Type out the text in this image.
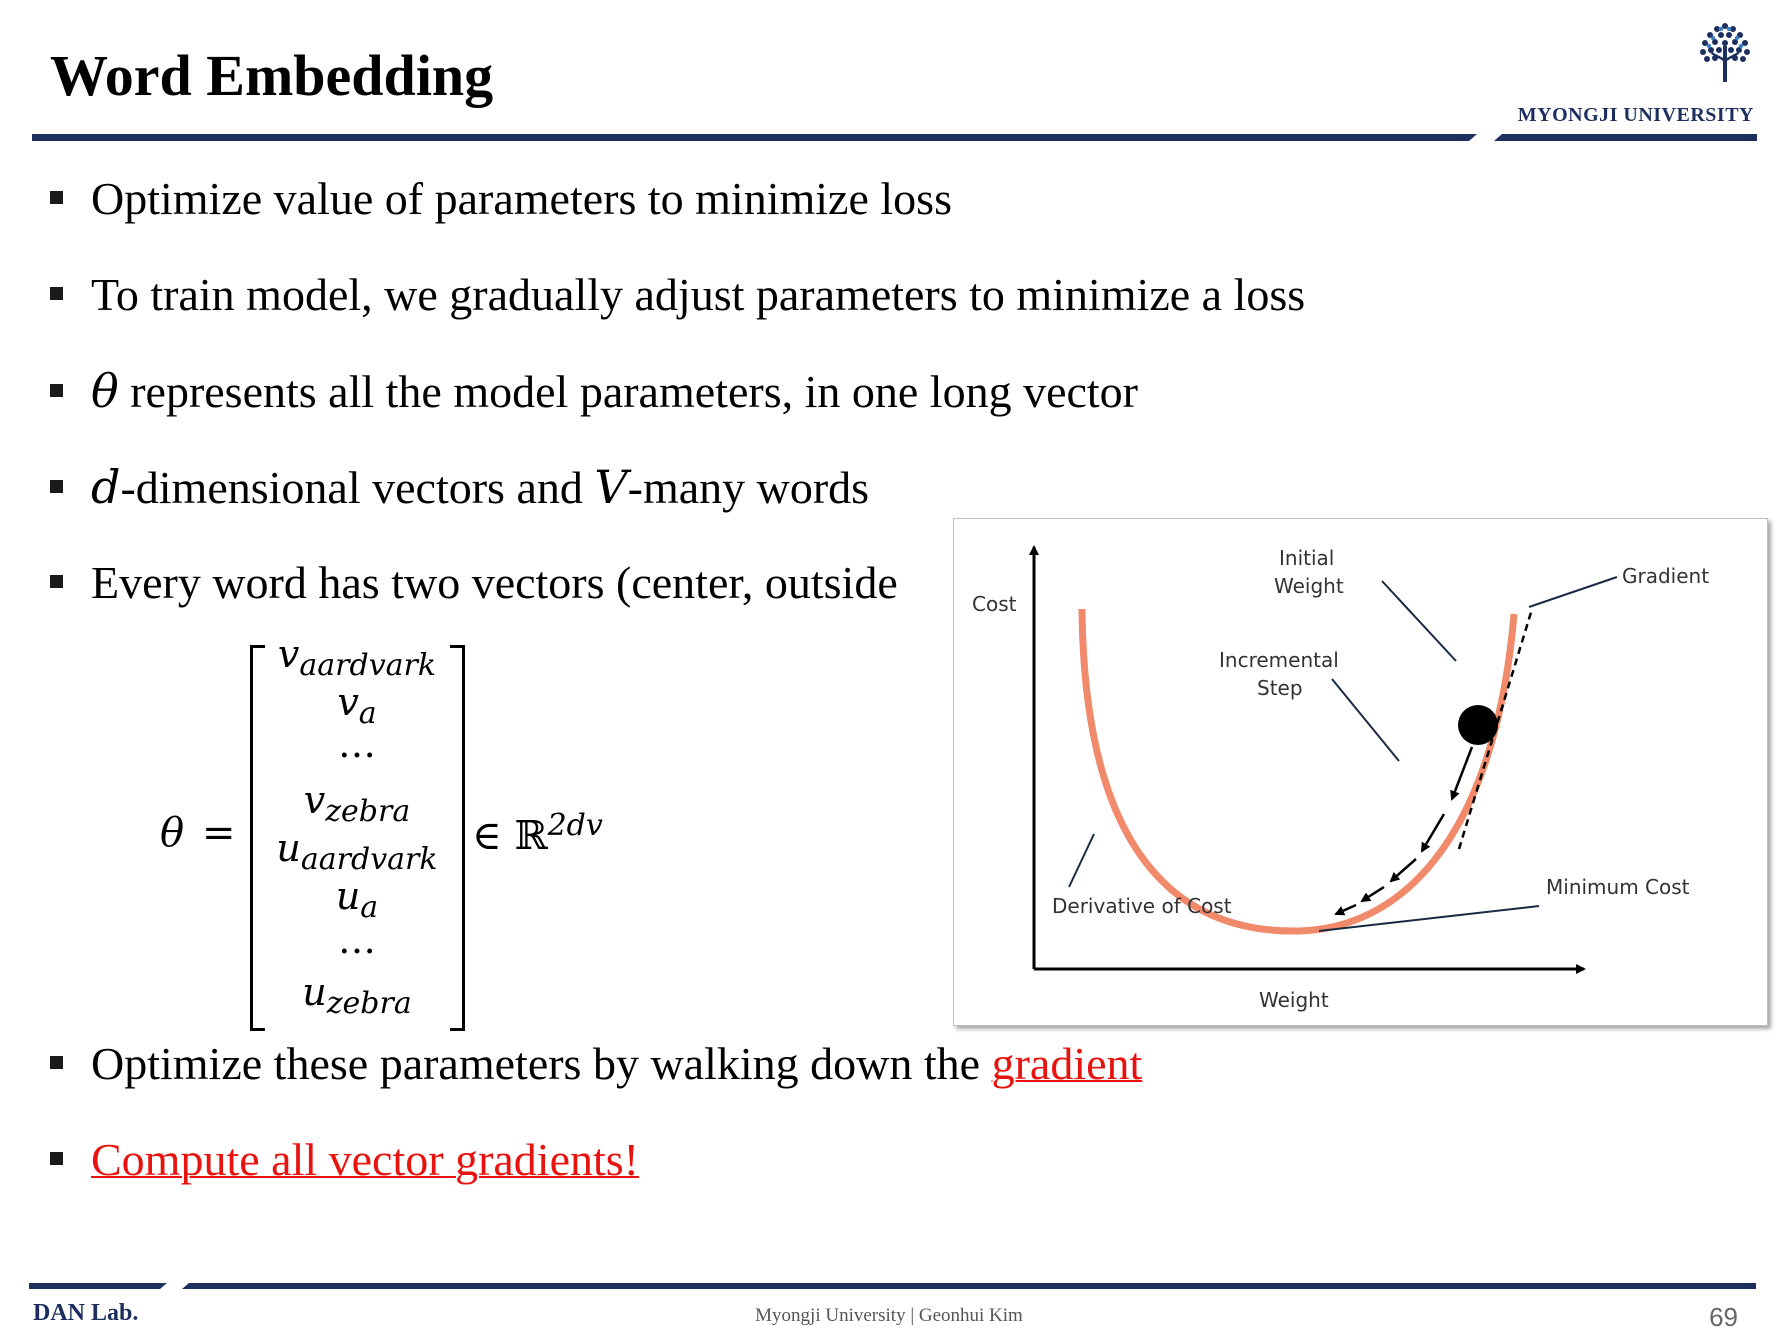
Word Embedding
MYONGJI UNIVERSITY
Optimize value of parameters to minimize loss
To train model, we gradually adjust parameters to minimize a loss
θ represents all the model parameters, in one long vector
d-dimensional vectors and V-many words
Every word has two vectors (center, outside
Optimize these parameters by walking down the gradient
Compute all vector gradients!
θ =
$v_{aardvark}$
$v_a$
…
$v_{zebra}$
$u_{aardvark}$
$u_a$
…
$u_{zebra}$
∈ ℝ$^{2dv}$
Cost
Weight
Initial
Weight	Gradient
Incremental
Step
Derivative of Cost
Minimum Cost
DAN Lab.	Myongji University | Geonhui Kim	69
